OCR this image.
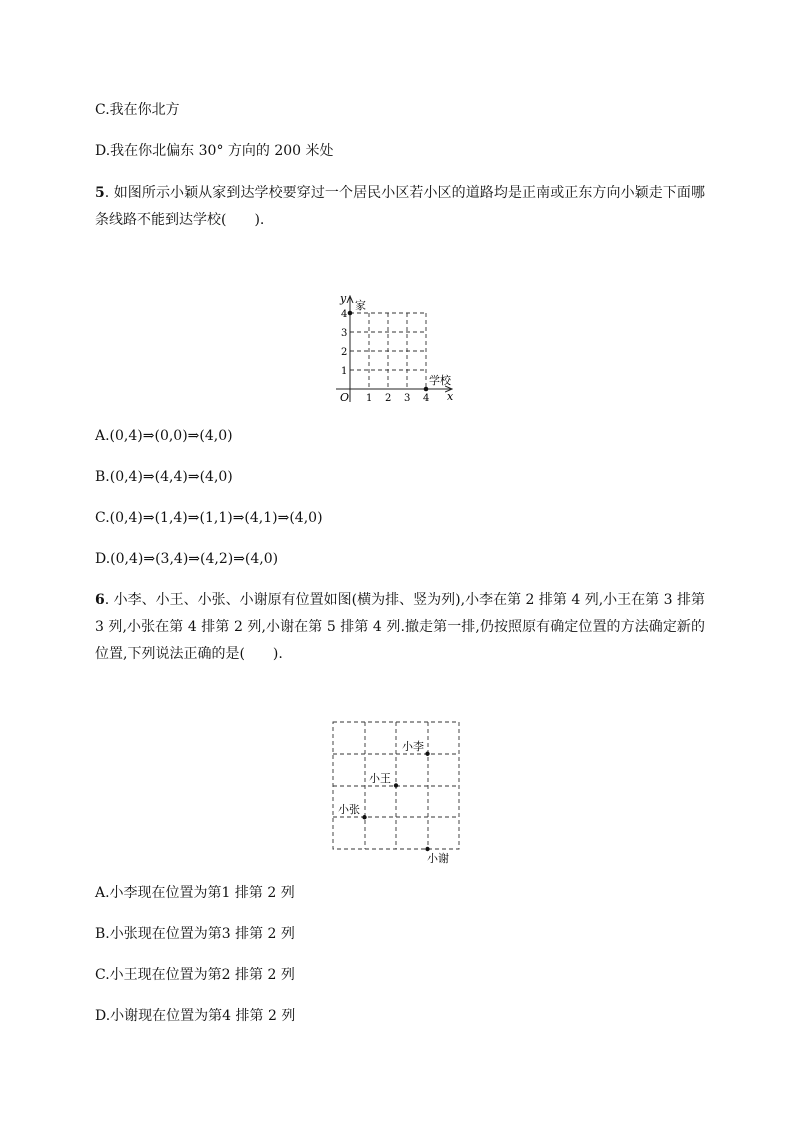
C.我在你北方
D.我在你北偏东 30° 方向的 200 米处
5. 如图所示小颖从家到达学校要穿过一个居民小区若小区的道路均是正南或正东方向小颖走下面哪条线路不能到达学校(　　).
y
x
O
家
学校
1 2 3 4
1
2
3
4
A.(0,4)⇒(0,0)⇒(4,0)
B.(0,4)⇒(4,4)⇒(4,0)
C.(0,4)⇒(1,4)⇒(1,1)⇒(4,1)⇒(4,0)
D.(0,4)⇒(3,4)⇒(4,2)⇒(4,0)
6. 小李、小王、小张、小谢原有位置如图(横为排、竖为列),小李在第 2 排第 4 列,小王在第 3 排第 3 列,小张在第 4 排第 2 列,小谢在第 5 排第 4 列.撤走第一排,仍按照原有确定位置的方法确定新的位置,下列说法正确的是(　　).
小李
小王
小张
小谢
A.小李现在位置为第1 排第 2 列
B.小张现在位置为第3 排第 2 列
C.小王现在位置为第2 排第 2 列
D.小谢现在位置为第4 排第 2 列
